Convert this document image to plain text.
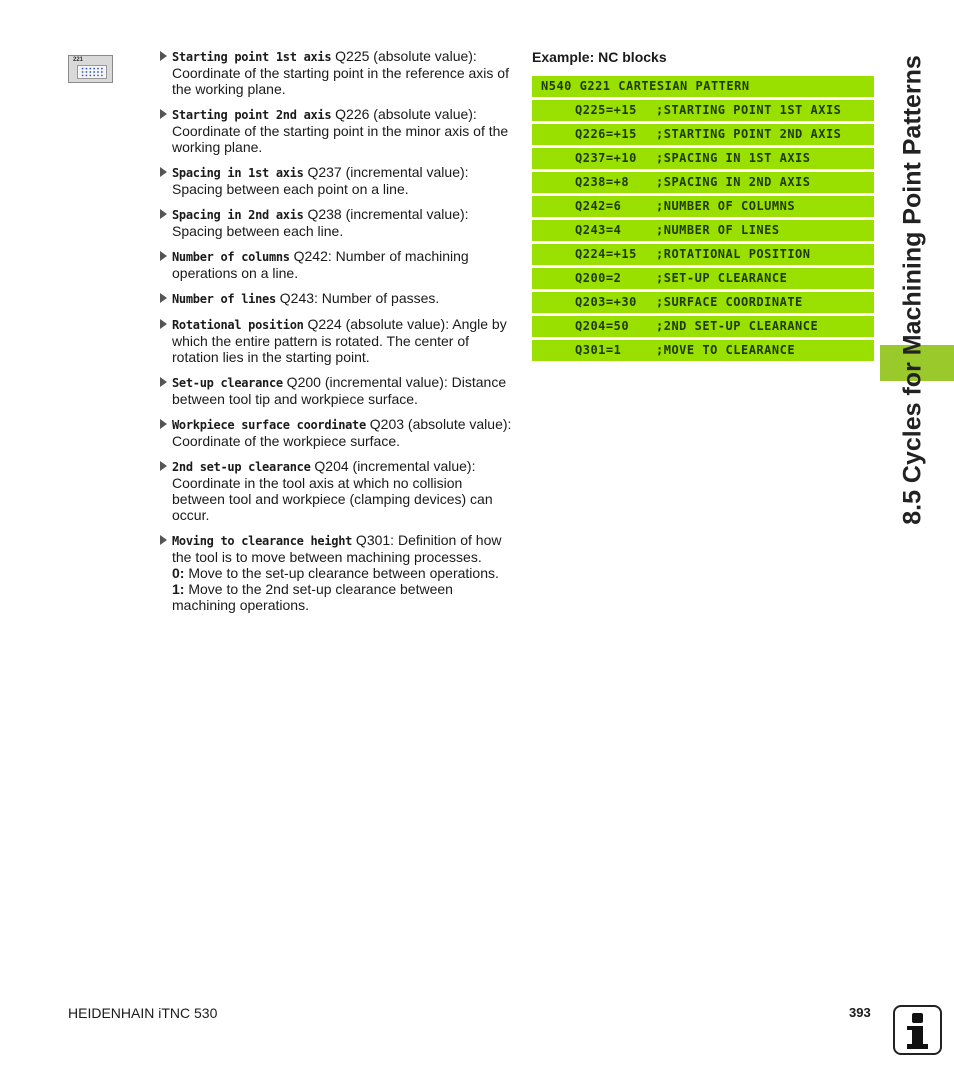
221	Starting point 1st axis Q225 (absolute value): Coordinate of the starting point in the reference axis of the working plane.
Starting point 2nd axis Q226 (absolute value): Coordinate of the starting point in the minor axis of the working plane.
Spacing in 1st axis Q237 (incremental value): Spacing between each point on a line.
Spacing in 2nd axis Q238 (incremental value): Spacing between each line.
Number of columns Q242: Number of machining operations on a line.
Number of lines Q243: Number of passes.
Rotational position Q224 (absolute value): Angle by which the entire pattern is rotated. The center of rotation lies in the starting point.
Set-up clearance Q200 (incremental value): Distance between tool tip and workpiece surface.
Workpiece surface coordinate Q203 (absolute value): Coordinate of the workpiece surface.
2nd set-up clearance Q204 (incremental value): Coordinate in the tool axis at which no collision between tool and workpiece (clamping devices) can occur.
Moving to clearance height Q301: Definition of how the tool is to move between machining processes.
0: Move to the set-up clearance between operations.
1: Move to the 2nd set-up clearance between machining operations.
Example: NC blocks
N540 G221 CARTESIAN PATTERN
Q225=+15 ;STARTING POINT 1ST AXIS
Q226=+15 ;STARTING POINT 2ND AXIS
Q237=+10 ;SPACING IN 1ST AXIS
Q238=+8 ;SPACING IN 2ND AXIS
Q242=6	;NUMBER OF COLUMNS
Q243=4	;NUMBER OF LINES
Q224=+15 ;ROTATIONAL POSITION
Q200=2	;SET-UP CLEARANCE
Q203=+30 ;SURFACE COORDINATE
Q204=50 ;2ND SET-UP CLEARANCE
Q301=1	;MOVE TO CLEARANCE	8.5 Cycles for Machining Point Patterns
HEIDENHAIN iTNC 530	393
